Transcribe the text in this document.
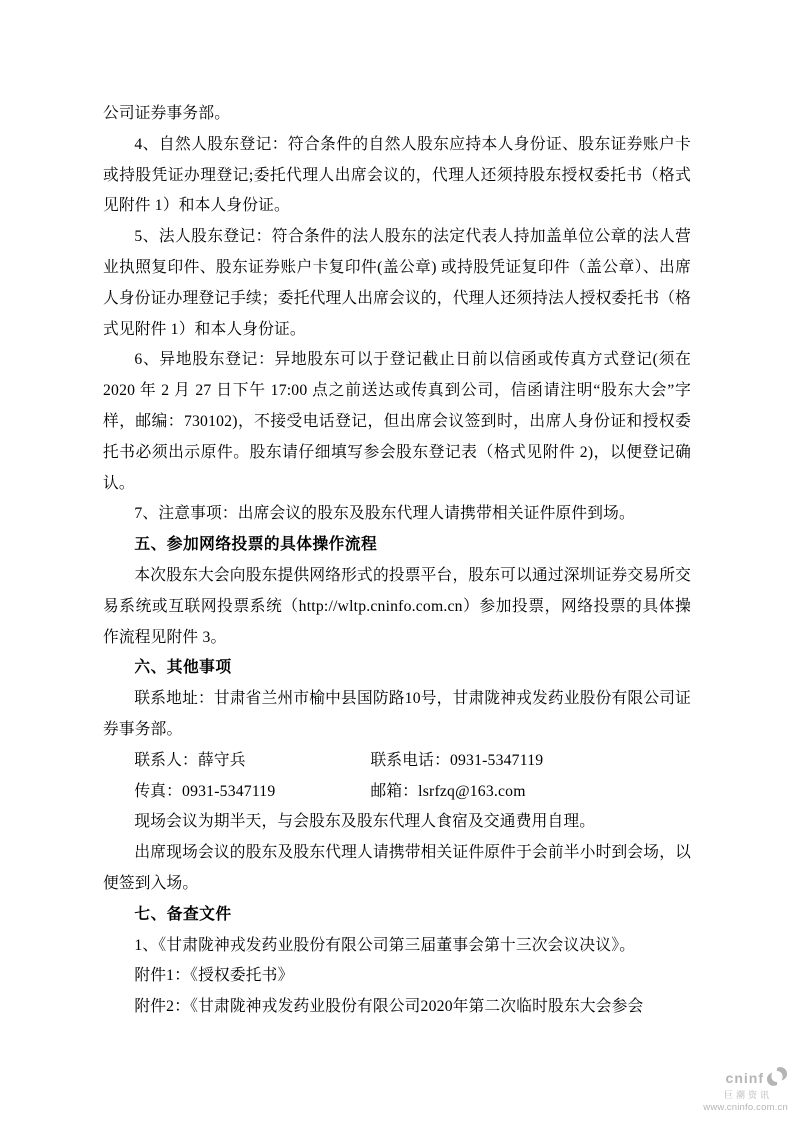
公司证券事务部。

4、自然人股东登记：符合条件的自然人股东应持本人身份证、股东证券账户卡或持股凭证办理登记;委托代理人出席会议的，代理人还须持股东授权委托书（格式见附件 1）和本人身份证。

5、法人股东登记：符合条件的法人股东的法定代表人持加盖单位公章的法人营业执照复印件、股东证券账户卡复印件(盖公章) 或持股凭证复印件（盖公章）、出席人身份证办理登记手续；委托代理人出席会议的，代理人还须持法人授权委托书（格式见附件 1）和本人身份证。

6、异地股东登记：异地股东可以于登记截止日前以信函或传真方式登记(须在2020 年 2 月 27 日下午 17:00 点之前送达或传真到公司，信函请注明“股东大会”字样，邮编：730102)，不接受电话登记，但出席会议签到时，出席人身份证和授权委托书必须出示原件。股东请仔细填写参会股东登记表（格式见附件 2)，以便登记确认。

7、注意事项：出席会议的股东及股东代理人请携带相关证件原件到场。

五、参加网络投票的具体操作流程

本次股东大会向股东提供网络形式的投票平台，股东可以通过深圳证券交易所交易系统或互联网投票系统（http://wltp.cninfo.com.cn）参加投票，网络投票的具体操作流程见附件 3。

六、其他事项

联系地址：甘肃省兰州市榆中县国防路10号，甘肃陇神戎发药业股份有限公司证券事务部。

联系人：薛守兵	联系电话：0931-5347119

传真：0931-5347119	邮箱：lsrfzq@163.com

现场会议为期半天，与会股东及股东代理人食宿及交通费用自理。

出席现场会议的股东及股东代理人请携带相关证件原件于会前半小时到会场，以便签到入场。

七、备查文件

1、《甘肃陇神戎发药业股份有限公司第三届董事会第十三次会议决议》。

附件1：《授权委托书》

附件2：《甘肃陇神戎发药业股份有限公司2020年第二次临时股东大会参会

cninf
巨潮资讯
www.cninfo.com.cn
